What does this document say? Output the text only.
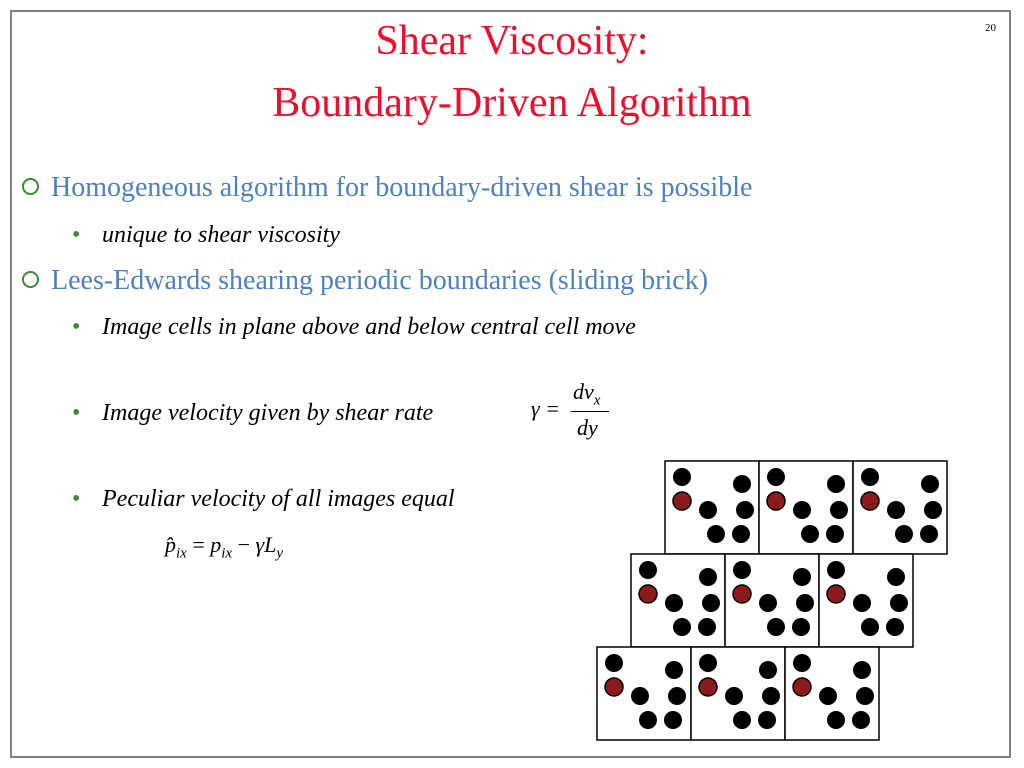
20
Shear Viscosity:
Boundary-Driven Algorithm
Homogeneous algorithm for boundary-driven shear is possible
• unique to shear viscosity
Lees-Edwards shearing periodic boundaries (sliding brick)
• Image cells in plane above and below central cell move
• Image velocity given by shear rate
• Peculiar velocity of all images equal
γ =
$dv_x$
dy
$p̂_{ix} = p_{ix} - \gamma L_y$
